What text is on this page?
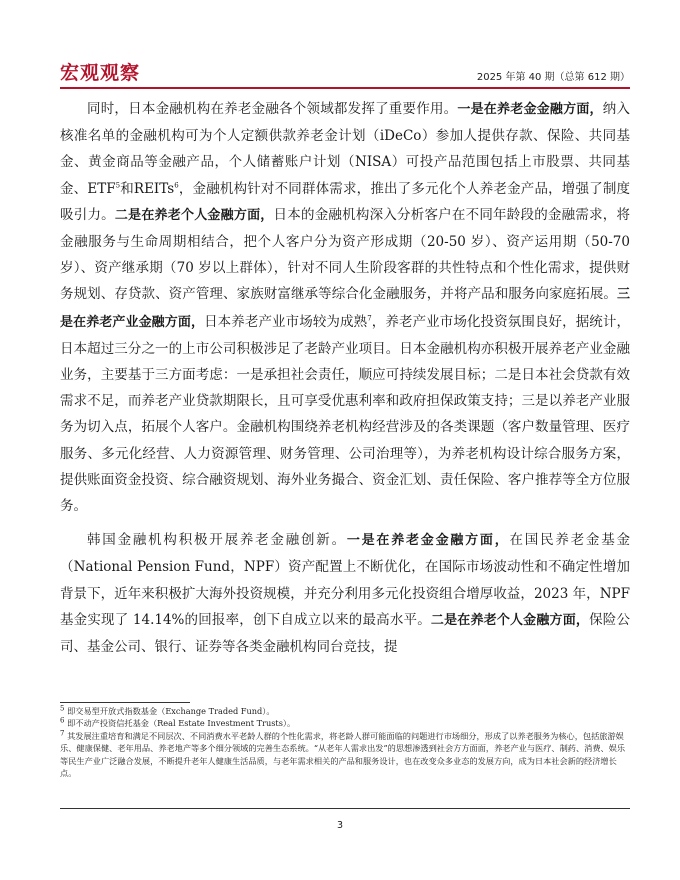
宏观观察	2025 年第 40 期（总第 612 期）

同时，日本金融机构在养老金融各个领域都发挥了重要作用。一是在养老金金融方面，纳入核准名单的金融机构可为个人定额供款养老金计划（iDeCo）参加人提供存款、保险、共同基金、黄金商品等金融产品，个人储蓄账户计划（NISA）可投产品范围包括上市股票、共同基金、ETF$^5$和REITs$^6$，金融机构针对不同群体需求，推出了多元化个人养老金产品，增强了制度吸引力。二是在养老个人金融方面，日本的金融机构深入分析客户在不同年龄段的金融需求，将金融服务与生命周期相结合，把个人客户分为资产形成期（20-50 岁）、资产运用期（50-70 岁）、资产继承期（70 岁以上群体），针对不同人生阶段客群的共性特点和个性化需求，提供财务规划、存贷款、资产管理、家族财富继承等综合化金融服务，并将产品和服务向家庭拓展。三是在养老产业金融方面，日本养老产业市场较为成熟$^7$，养老产业市场化投资氛围良好，据统计，日本超过三分之一的上市公司积极涉足了老龄产业项目。日本金融机构亦积极开展养老产业金融业务，主要基于三方面考虑：一是承担社会责任，顺应可持续发展目标；二是日本社会贷款有效需求不足，而养老产业贷款期限长，且可享受优惠利率和政府担保政策支持；三是以养老产业服务为切入点，拓展个人客户。金融机构围绕养老机构经营涉及的各类课题（客户数量管理、医疗服务、多元化经营、人力资源管理、财务管理、公司治理等），为养老机构设计综合服务方案，提供账面资金投资、综合融资规划、海外业务撮合、资金汇划、责任保险、客户推荐等全方位服务。

韩国金融机构积极开展养老金融创新。一是在养老金金融方面，在国民养老金基金（National Pension Fund，NPF）资产配置上不断优化，在国际市场波动性和不确定性增加背景下，近年来积极扩大海外投资规模，并充分利用多元化投资组合增厚收益，2023 年，NPF基金实现了 14.14%的回报率，创下自成立以来的最高水平。二是在养老个人金融方面，保险公司、基金公司、银行、证券等各类金融机构同台竞技，提

$^5$ 即交易型开放式指数基金（Exchange Traded Fund）。

$^6$ 即不动产投资信托基金（Real Estate Investment Trusts）。

$^7$ 其发展注重培育和满足不同层次、不同消费水平老龄人群的个性化需求，将老龄人群可能面临的问题进行市场细分，形成了以养老服务为核心，包括旅游娱乐、健康保健、老年用品、养老地产等多个细分领域的完善生态系统。“从老年人需求出发”的思想渗透到社会方方面面，养老产业与医疗、制药、消费、娱乐等民生产业广泛融合发展，不断提升老年人健康生活品质，与老年需求相关的产品和服务设计，也在改变众多业态的发展方向，成为日本社会新的经济增长点。

3
